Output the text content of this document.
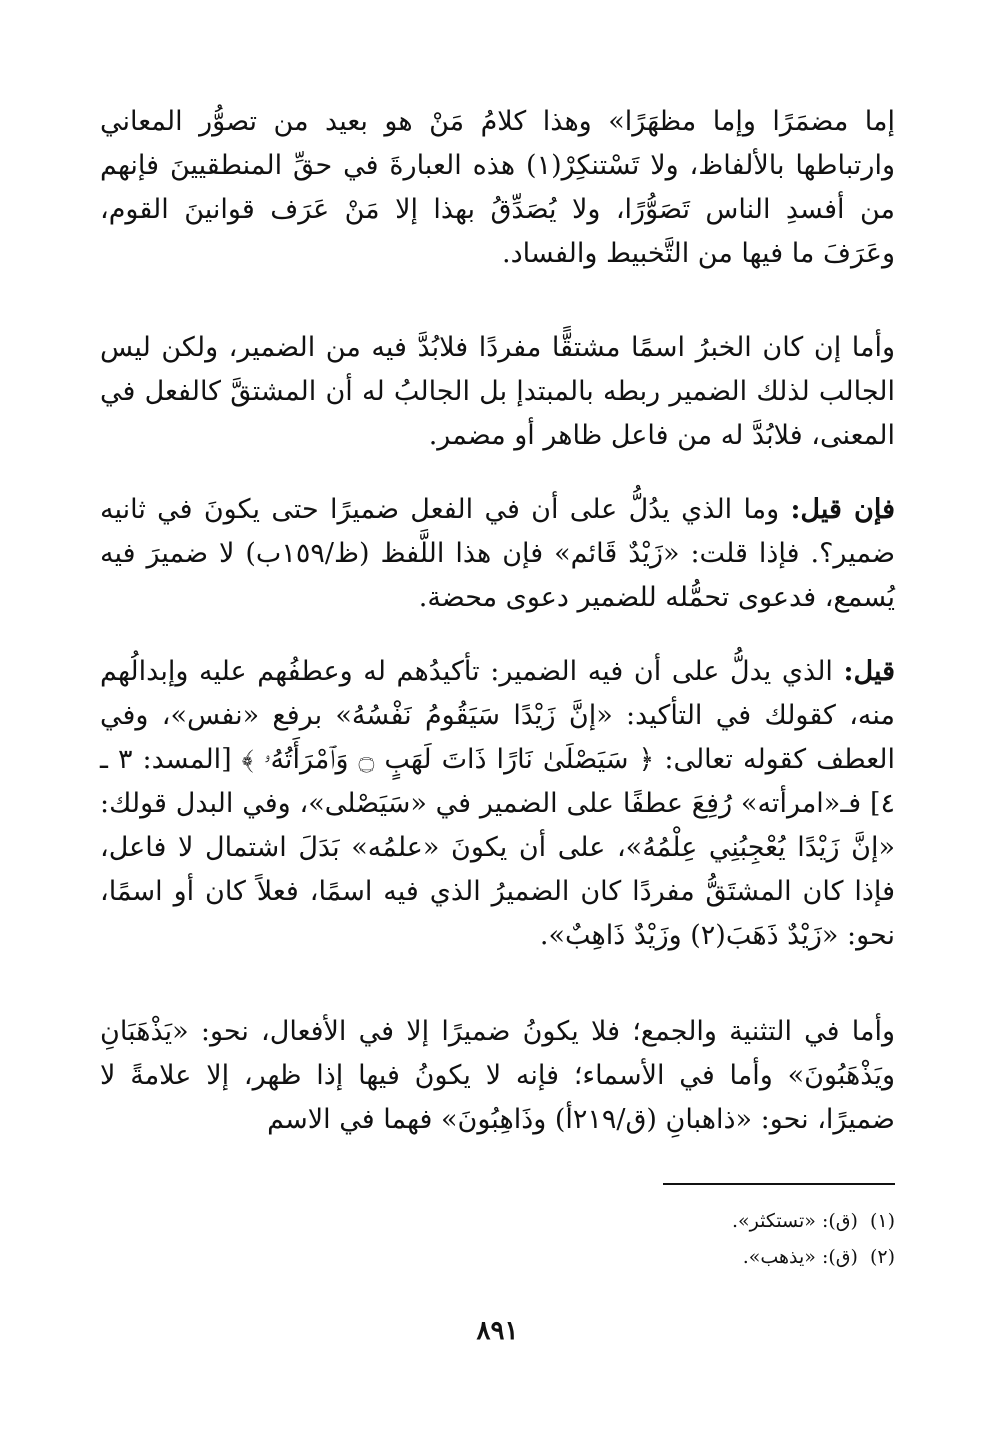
إما مضمَرًا وإما مظهَرًا» وهذا كلامُ مَنْ هو بعيد من تصوُّر المعاني وارتباطها بالألفاظ، ولا تَسْتنكِرْ(١) هذه العبارةَ في حقِّ المنطقيينَ فإنهم من أفسدِ الناس تَصَوُّرًا، ولا يُصَدِّقُ بهذا إلا مَنْ عَرَف قوانينَ القوم، وعَرَفَ ما فيها من التَّخبيط والفساد.

وأما إن كان الخبرُ اسمًا مشتقًّا مفردًا فلابُدَّ فيه من الضمير، ولكن ليس الجالب لذلك الضمير ربطه بالمبتدإ بل الجالبُ له أن المشتقَّ كالفعل في المعنى، فلابُدَّ له من فاعل ظاهر أو مضمر.

فإن قيل: وما الذي يدُلُّ على أن في الفعل ضميرًا حتى يكونَ في ثانيه ضمير؟. فإذا قلت: «زَيْدٌ قَائم» فإن هذا اللَّفظ (ظ/١٥٩ب) لا ضميرَ فيه يُسمع، فدعوى تحمُّله للضمير دعوى محضة.

قيل: الذي يدلُّ على أن فيه الضمير: تأكيدُهم له وعطفُهم عليه وإبدالُهم منه، كقولك في التأكيد: «إنَّ زَيْدًا سَيَقُومُ نَفْسُهُ» برفع «نفس»، وفي العطف كقوله تعالى: ﴿ سَيَصْلَىٰ نَارًا ذَاتَ لَهَبٍ ۝ وَٱمْرَأَتُهُۥ ﴾ [المسد: ٣ ـ ٤] فـ«امرأته» رُفِعَ عطفًا على الضمير في «سَيَصْلى»، وفي البدل قولك: «إنَّ زَيْدًا يُعْجِبُنِي عِلْمُهُ»، على أن يكونَ «علمُه» بَدَلَ اشتمال لا فاعل، فإذا كان المشتَقُّ مفردًا كان الضميرُ الذي فيه اسمًا، فعلاً كان أو اسمًا، نحو: «زَيْدٌ ذَهَبَ(٢) وزَيْدٌ ذَاهِبٌ».

وأما في التثنية والجمع؛ فلا يكونُ ضميرًا إلا في الأفعال، نحو: «يَذْهَبَانِ ويَذْهَبُونَ» وأما في الأسماء؛ فإنه لا يكونُ فيها إذا ظهر، إلا علامةً لا ضميرًا، نحو: «ذاهبانِ (ق/٢١٩أ) وذَاهِبُونَ» فهما في الاسم

(١)(ق): «تستكثر».

(٢)(ق): «يذهب».

٨٩١
